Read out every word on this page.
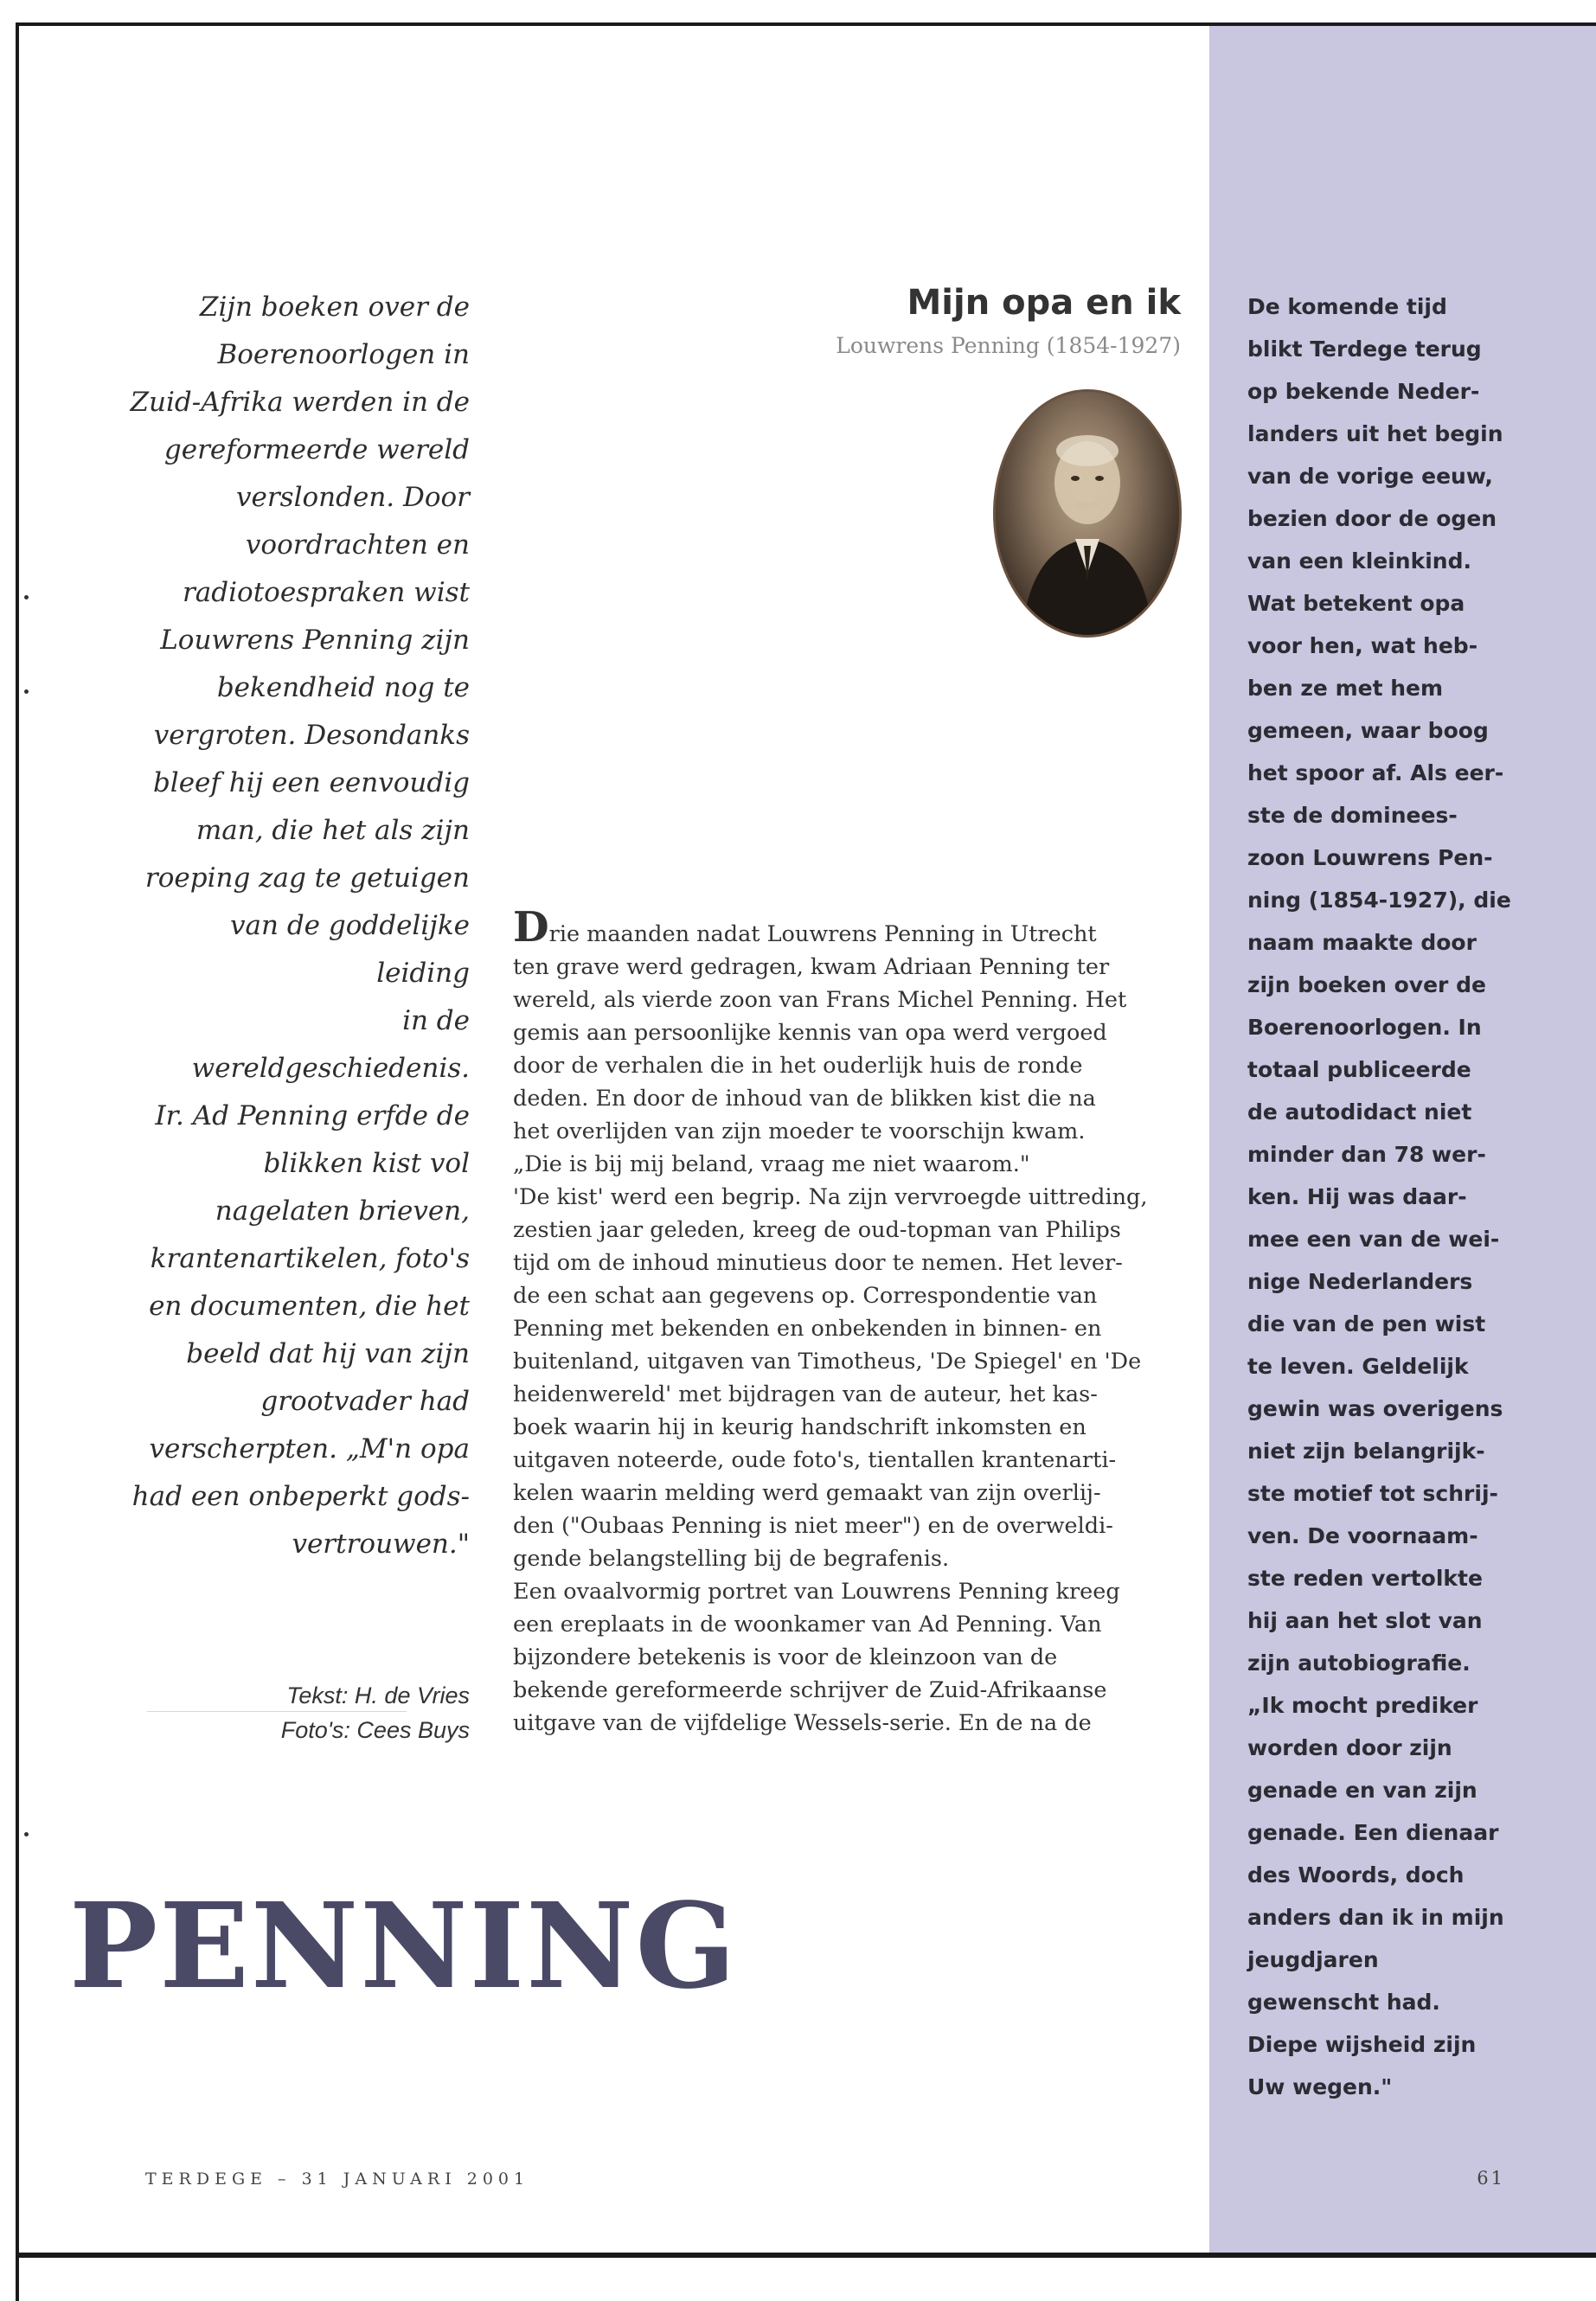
Zijn boeken over de
Boerenoorlogen in
Zuid-Afrika werden in de
gereformeerde wereld
verslonden. Door
voordrachten en
radiotoespraken wist
Louwrens Penning zijn
bekendheid nog te
vergroten. Desondanks
bleef hij een eenvoudig
man, die het als zijn
roeping zag te getuigen
van de goddelijke leiding
in de wereldgeschiedenis.
Ir. Ad Penning erfde de
blikken kist vol
nagelaten brieven,
krantenartikelen, foto's
en documenten, die het
beeld dat hij van zijn
grootvader had
verscherpten. „M'n opa
had een onbeperkt gods-
vertrouwen."
Tekst: H. de Vries
Foto's: Cees Buys
Mijn opa en ik
Louwrens Penning (1854-1927)
Drie maanden nadat Louwrens Penning in Utrecht
ten grave werd gedragen, kwam Adriaan Penning ter
wereld, als vierde zoon van Frans Michel Penning. Het
gemis aan persoonlijke kennis van opa werd vergoed
door de verhalen die in het ouderlijk huis de ronde
deden. En door de inhoud van de blikken kist die na
het overlijden van zijn moeder te voorschijn kwam.
„Die is bij mij beland, vraag me niet waarom."
'De kist' werd een begrip. Na zijn vervroegde uittreding,
zestien jaar geleden, kreeg de oud-topman van Philips
tijd om de inhoud minutieus door te nemen. Het lever-
de een schat aan gegevens op. Correspondentie van
Penning met bekenden en onbekenden in binnen- en
buitenland, uitgaven van Timotheus, 'De Spiegel' en 'De
heidenwereld' met bijdragen van de auteur, het kas-
boek waarin hij in keurig handschrift inkomsten en
uitgaven noteerde, oude foto's, tientallen krantenarti-
kelen waarin melding werd gemaakt van zijn overlij-
den ("Oubaas Penning is niet meer") en de overweldi-
gende belangstelling bij de begrafenis.
Een ovaalvormig portret van Louwrens Penning kreeg
een ereplaats in de woonkamer van Ad Penning. Van
bijzondere betekenis is voor de kleinzoon van de
bekende gereformeerde schrijver de Zuid-Afrikaanse
uitgave van de vijfdelige Wessels-serie. En de na de
PENNING
De komende tijd
blikt Terdege terug
op bekende Neder-
landers uit het begin
van de vorige eeuw,
bezien door de ogen
van een kleinkind.
Wat betekent opa
voor hen, wat heb-
ben ze met hem
gemeen, waar boog
het spoor af. Als eer-
ste de dominees-
zoon Louwrens Pen-
ning (1854-1927), die
naam maakte door
zijn boeken over de
Boerenoorlogen. In
totaal publiceerde
de autodidact niet
minder dan 78 wer-
ken. Hij was daar-
mee een van de wei-
nige Nederlanders
die van de pen wist
te leven. Geldelijk
gewin was overigens
niet zijn belangrijk-
ste motief tot schrij-
ven. De voornaam-
ste reden vertolkte
hij aan het slot van
zijn autobiografie.
„Ik mocht prediker
worden door zijn
genade en van zijn
genade. Een dienaar
des Woords, doch
anders dan ik in mijn
jeugdjaren
gewenscht had.
Diepe wijsheid zijn
Uw wegen."
TERDEGE – 31 JANUARI 2001	61
